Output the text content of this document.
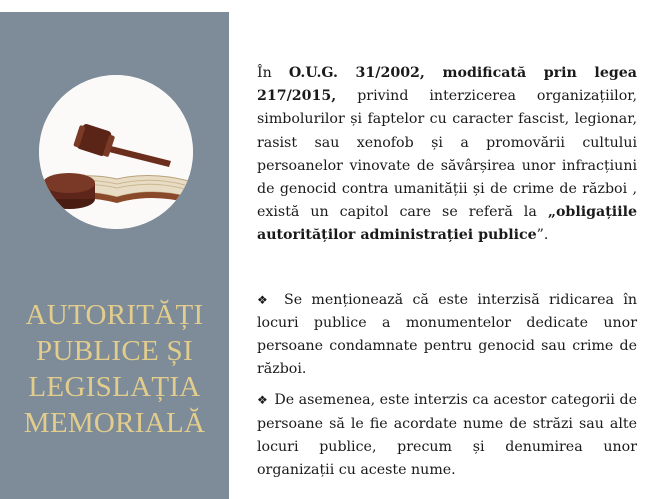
AUTORITĂȚI
PUBLICE ȘI
LEGISLAȚIA
MEMORIALĂ

În O.U.G. 31/2002, modificată prin legea 217/2015, privind interzicerea organizațiilor, simbolurilor și faptelor cu caracter fascist, legionar, rasist sau xenofob și a promovării cultului persoanelor vinovate de săvârșirea unor infracțiuni de genocid contra umanității și de crime de război , există un capitol care se referă la „obligațiile autorităților administrației publice”.

❖ Se menționează că este interzisă ridicarea în locuri publice a monumentelor dedicate unor persoane condamnate pentru genocid sau crime de război.

❖ De asemenea, este interzis ca acestor categorii de persoane să le fie acordate nume de străzi sau alte locuri publice, precum și denumirea unor organizații cu aceste nume.
